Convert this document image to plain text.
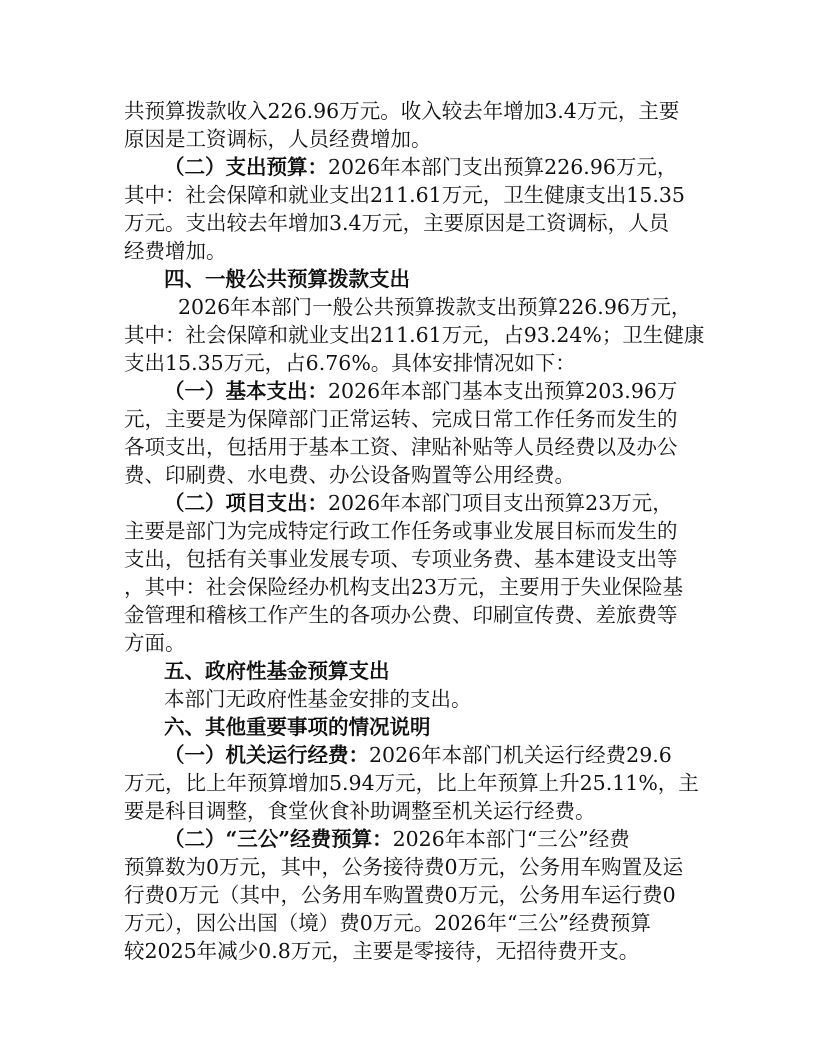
共预算拨款收入226.96万元。收入较去年增加3.4万元，主要
原因是工资调标，人员经费增加。
（二）支出预算：2026年本部门支出预算226.96万元，
其中：社会保障和就业支出211.61万元，卫生健康支出15.35
万元。支出较去年增加3.4万元，主要原因是工资调标，人员
经费增加。
四、一般公共预算拨款支出
2026年本部门一般公共预算拨款支出预算226.96万元，
其中：社会保障和就业支出211.61万元，占93.24%；卫生健康
支出15.35万元，占6.76%。具体安排情况如下：
（一）基本支出：2026年本部门基本支出预算203.96万
元，主要是为保障部门正常运转、完成日常工作任务而发生的
各项支出，包括用于基本工资、津贴补贴等人员经费以及办公
费、印刷费、水电费、办公设备购置等公用经费。
（二）项目支出：2026年本部门项目支出预算23万元，
主要是部门为完成特定行政工作任务或事业发展目标而发生的
支出，包括有关事业发展专项、专项业务费、基本建设支出等
，其中：社会保险经办机构支出23万元，主要用于失业保险基
金管理和稽核工作产生的各项办公费、印刷宣传费、差旅费等
方面。
五、政府性基金预算支出
本部门无政府性基金安排的支出。
六、其他重要事项的情况说明
（一）机关运行经费：2026年本部门机关运行经费29.6
万元，比上年预算增加5.94万元，比上年预算上升25.11%，主
要是科目调整，食堂伙食补助调整至机关运行经费。
（二）“三公”经费预算：2026年本部门“三公”经费
预算数为0万元，其中，公务接待费0万元，公务用车购置及运
行费0万元（其中，公务用车购置费0万元，公务用车运行费0
万元），因公出国（境）费0万元。2026年“三公”经费预算
较2025年减少0.8万元，主要是零接待，无招待费开支。
